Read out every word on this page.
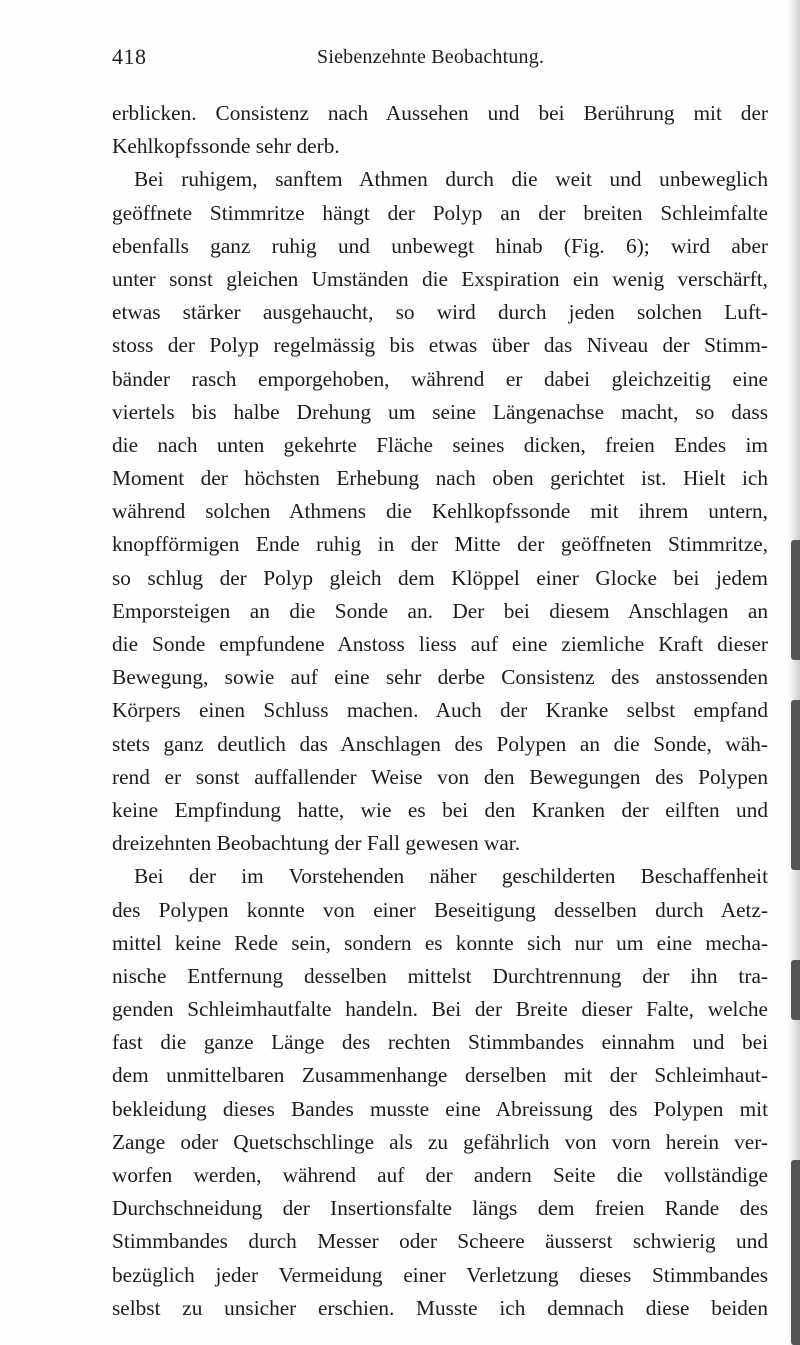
418	Siebenzehnte Beobachtung.
erblicken. Consistenz nach Aussehen und bei Berührung mit der
Kehlkopfssonde sehr derb.
Bei ruhigem, sanftem Athmen durch die weit und unbeweglich
geöffnete Stimmritze hängt der Polyp an der breiten Schleimfalte
ebenfalls ganz ruhig und unbewegt hinab (Fig. 6); wird aber
unter sonst gleichen Umständen die Exspiration ein wenig verschärft,
etwas stärker ausgehaucht, so wird durch jeden solchen Luft-
stoss der Polyp regelmässig bis etwas über das Niveau der Stimm-
bänder rasch emporgehoben, während er dabei gleichzeitig eine
viertels bis halbe Drehung um seine Längenachse macht, so dass
die nach unten gekehrte Fläche seines dicken, freien Endes im
Moment der höchsten Erhebung nach oben gerichtet ist. Hielt ich
während solchen Athmens die Kehlkopfssonde mit ihrem untern,
knopfförmigen Ende ruhig in der Mitte der geöffneten Stimmritze,
so schlug der Polyp gleich dem Klöppel einer Glocke bei jedem
Emporsteigen an die Sonde an. Der bei diesem Anschlagen an
die Sonde empfundene Anstoss liess auf eine ziemliche Kraft dieser
Bewegung, sowie auf eine sehr derbe Consistenz des anstossenden
Körpers einen Schluss machen. Auch der Kranke selbst empfand
stets ganz deutlich das Anschlagen des Polypen an die Sonde, wäh-
rend er sonst auffallender Weise von den Bewegungen des Polypen
keine Empfindung hatte, wie es bei den Kranken der eilften und
dreizehnten Beobachtung der Fall gewesen war.
Bei der im Vorstehenden näher geschilderten Beschaffenheit
des Polypen konnte von einer Beseitigung desselben durch Aetz-
mittel keine Rede sein, sondern es konnte sich nur um eine mecha-
nische Entfernung desselben mittelst Durchtrennung der ihn tra-
genden Schleimhautfalte handeln. Bei der Breite dieser Falte, welche
fast die ganze Länge des rechten Stimmbandes einnahm und bei
dem unmittelbaren Zusammenhange derselben mit der Schleimhaut-
bekleidung dieses Bandes musste eine Abreissung des Polypen mit
Zange oder Quetschschlinge als zu gefährlich von vorn herein ver-
worfen werden, während auf der andern Seite die vollständige
Durchschneidung der Insertionsfalte längs dem freien Rande des
Stimmbandes durch Messer oder Scheere äusserst schwierig und
bezüglich jeder Vermeidung einer Verletzung dieses Stimmbandes
selbst zu unsicher erschien. Musste ich demnach diese beiden
